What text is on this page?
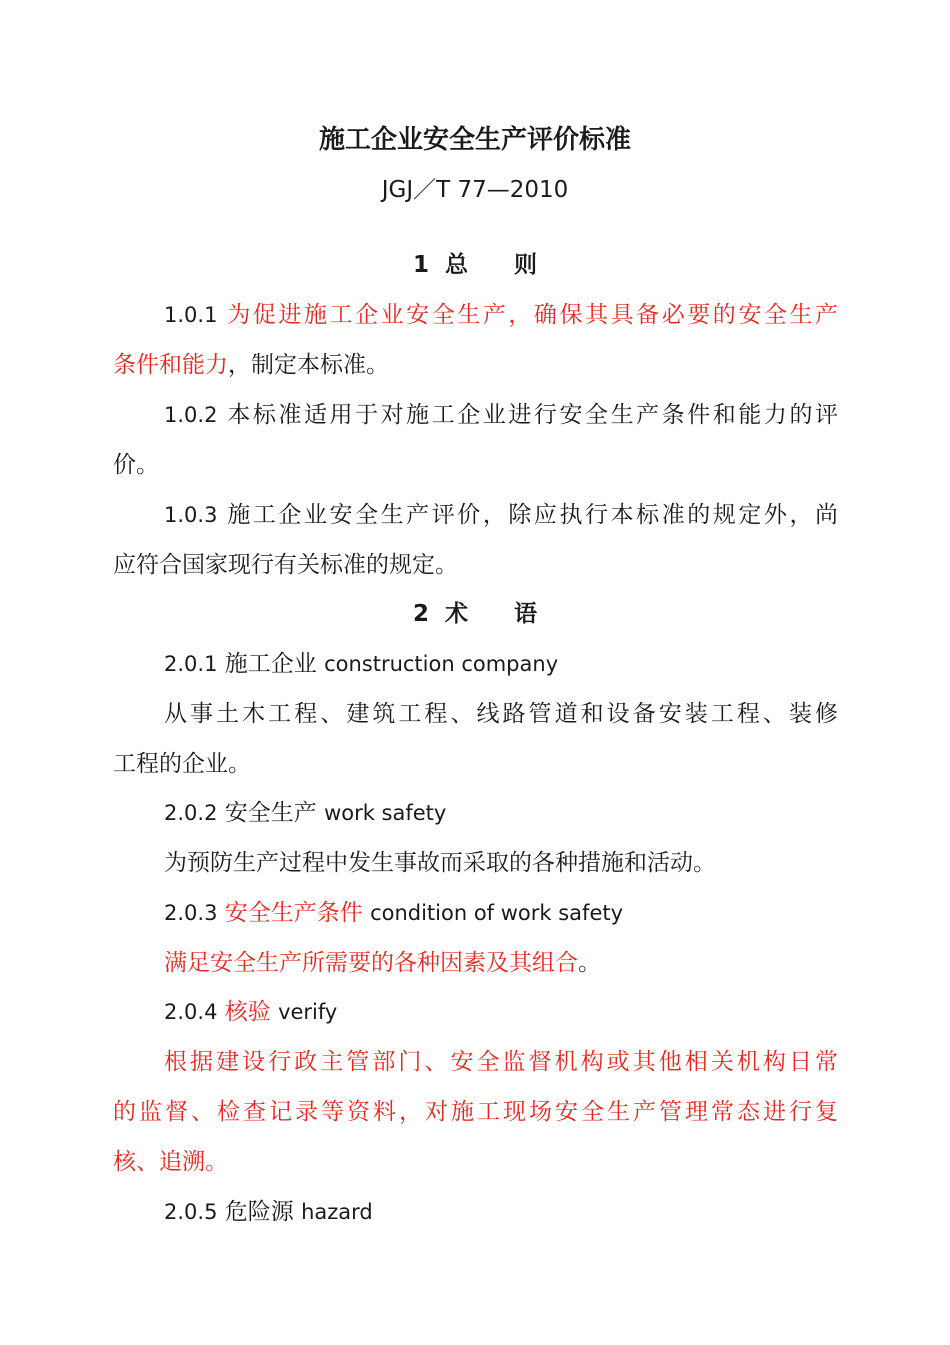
施工企业安全生产评价标准
JGJ／T 77—2010
1 总　　则
1.0.1 为促进施工企业安全生产，确保其具备必要的安全生产
条件和能力，制定本标准。
1.0.2 本标准适用于对施工企业进行安全生产条件和能力的评
价。
1.0.3 施工企业安全生产评价，除应执行本标准的规定外，尚
应符合国家现行有关标准的规定。
2 术　　语
2.0.1 施工企业 construction company
从事土木工程、建筑工程、线路管道和设备安装工程、装修
工程的企业。
2.0.2 安全生产 work safety
为预防生产过程中发生事故而采取的各种措施和活动。
2.0.3 安全生产条件 condition of work safety
满足安全生产所需要的各种因素及其组合。
2.0.4 核验 verify
根据建设行政主管部门、安全监督机构或其他相关机构日常
的监督、检查记录等资料，对施工现场安全生产管理常态进行复
核、追溯。
2.0.5 危险源 hazard
